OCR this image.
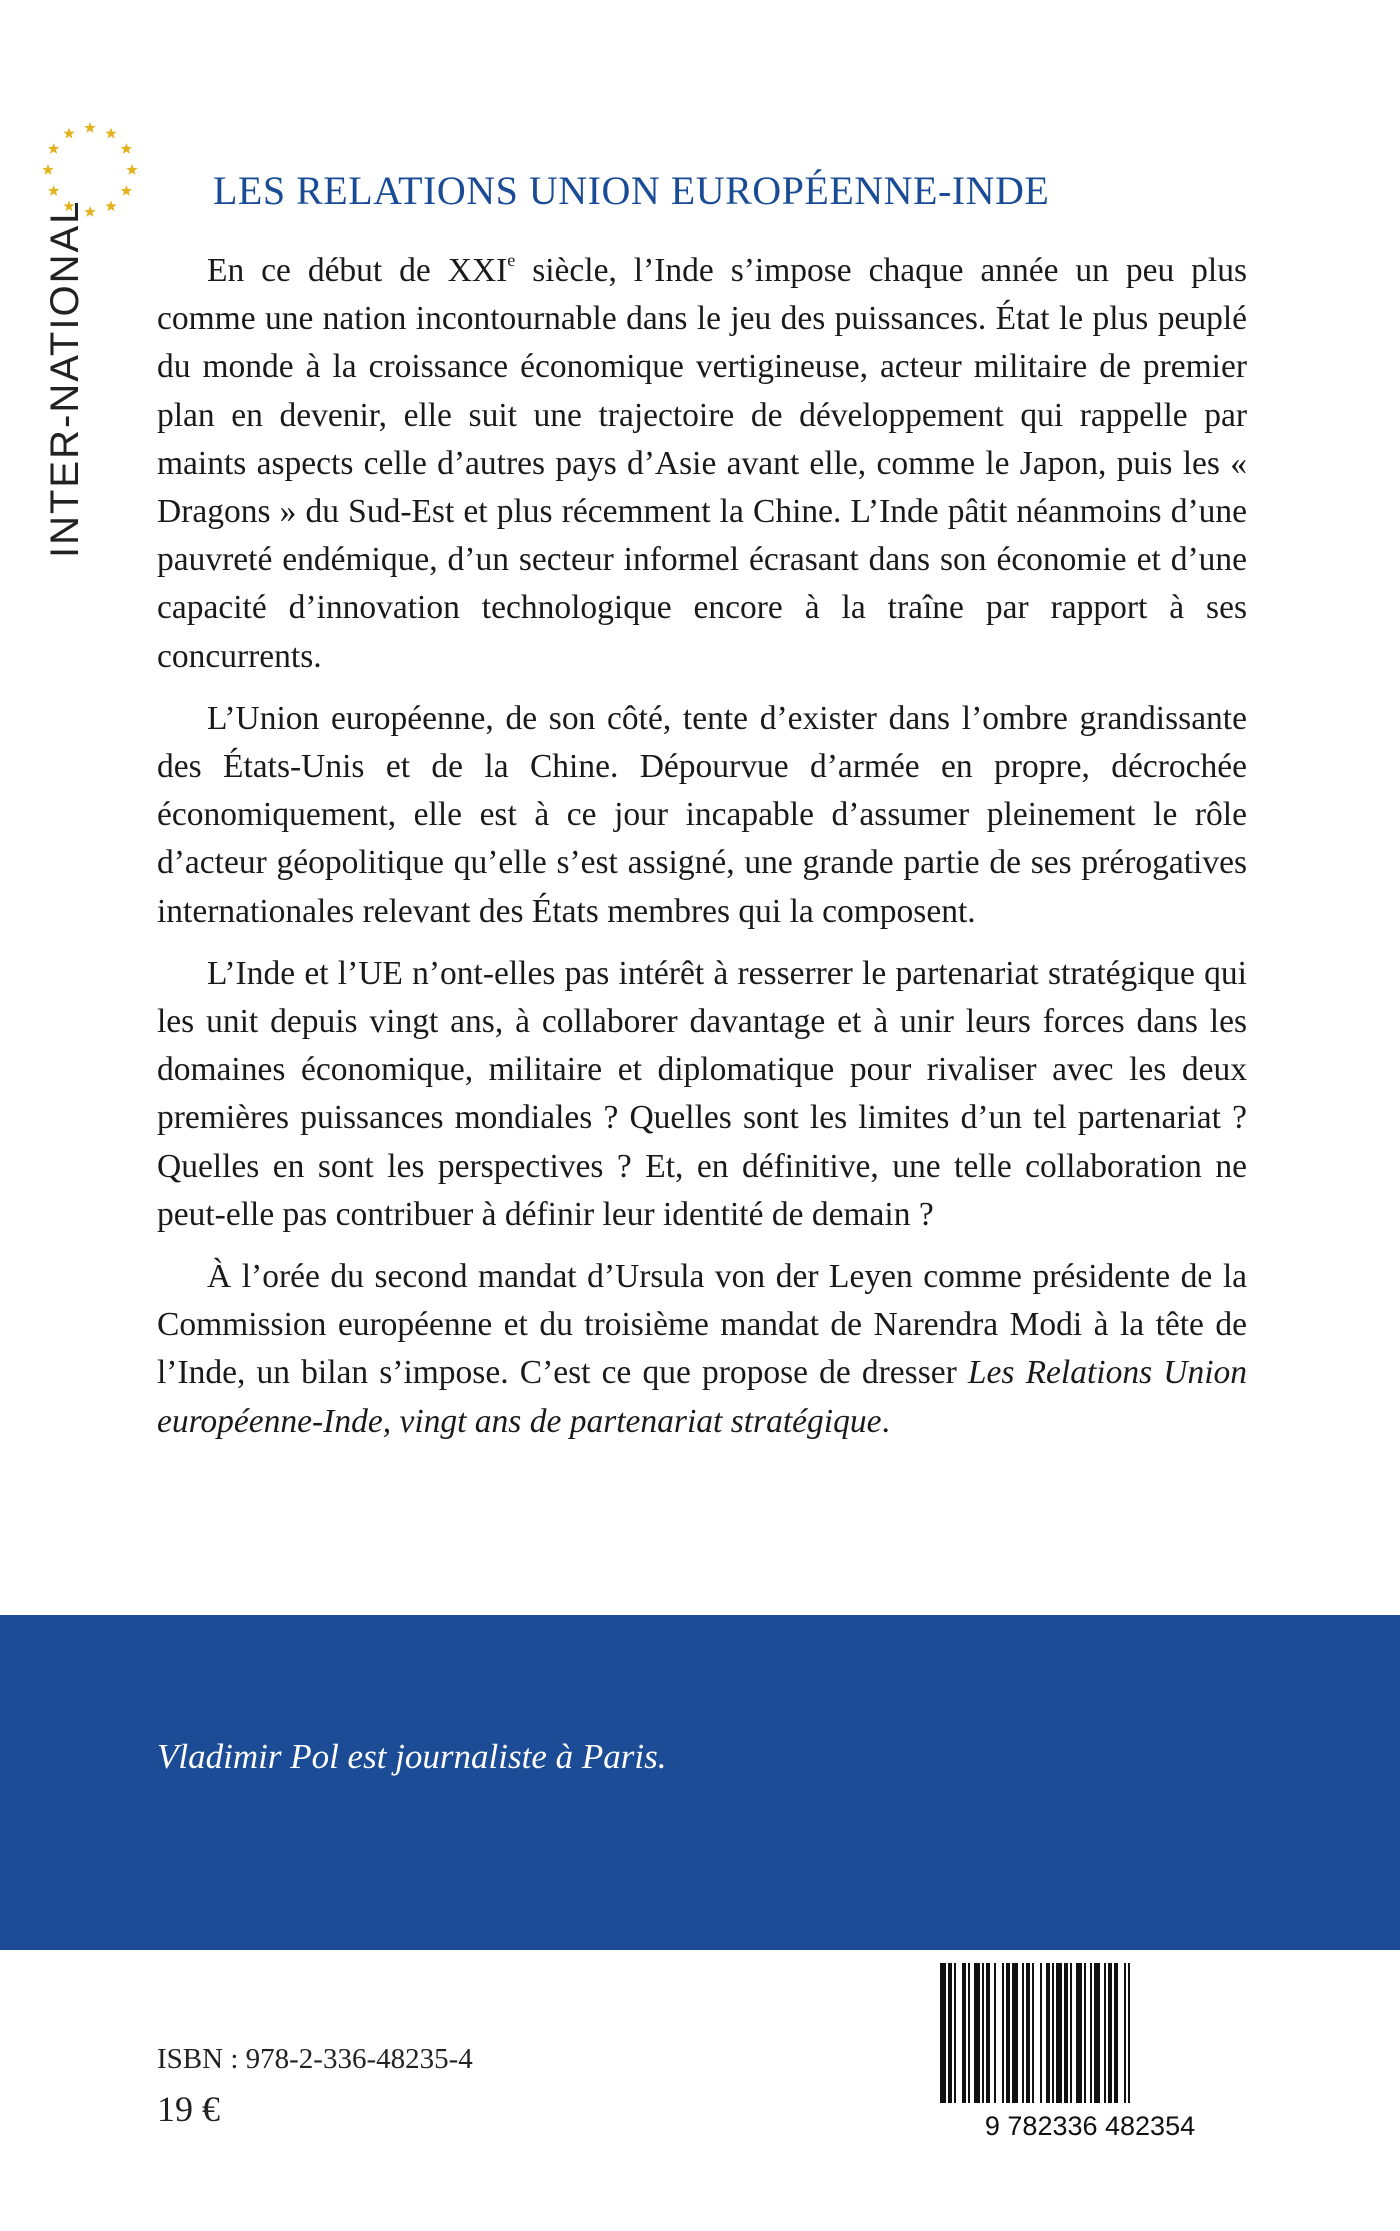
INTER-NATIONAL
LES RELATIONS UNION EUROPÉENNE-INDE

En ce début de XXIe siècle, l’Inde s’impose chaque année un peu plus comme une nation incontournable dans le jeu des puissances. État le plus peuplé du monde à la croissance économique vertigineuse, acteur militaire de premier plan en devenir, elle suit une trajectoire de développement qui rappelle par maints aspects celle d’autres pays d’Asie avant elle, comme le Japon, puis les « Dragons » du Sud-Est et plus récemment la Chine. L’Inde pâtit néanmoins d’une pauvreté endémique, d’un secteur informel écrasant dans son économie et d’une capacité d’innovation technologique encore à la traîne par rapport à ses concurrents.

L’Union européenne, de son côté, tente d’exister dans l’ombre grandissante des États-Unis et de la Chine. Dépourvue d’armée en propre, décrochée économiquement, elle est à ce jour incapable d’assumer pleinement le rôle d’acteur géopolitique qu’elle s’est assigné, une grande partie de ses prérogatives internationales relevant des États membres qui la composent.

L’Inde et l’UE n’ont-elles pas intérêt à resserrer le partenariat stratégique qui les unit depuis vingt ans, à collaborer davantage et à unir leurs forces dans les domaines économique, militaire et diplomatique pour rivaliser avec les deux premières puissances mondiales ? Quelles sont les limites d’un tel partenariat ? Quelles en sont les perspectives ? Et, en définitive, une telle collaboration ne peut-elle pas contribuer à définir leur identité de demain ?

À l’orée du second mandat d’Ursula von der Leyen comme présidente de la Commission européenne et du troisième mandat de Narendra Modi à la tête de l’Inde, un bilan s’impose. C’est ce que propose de dresser Les Relations Union européenne-Inde, vingt ans de partenariat stratégique.

Vladimir Pol est journaliste à Paris.
ISBN : 978-2-336-48235-4
19 €	9 782336 482354
